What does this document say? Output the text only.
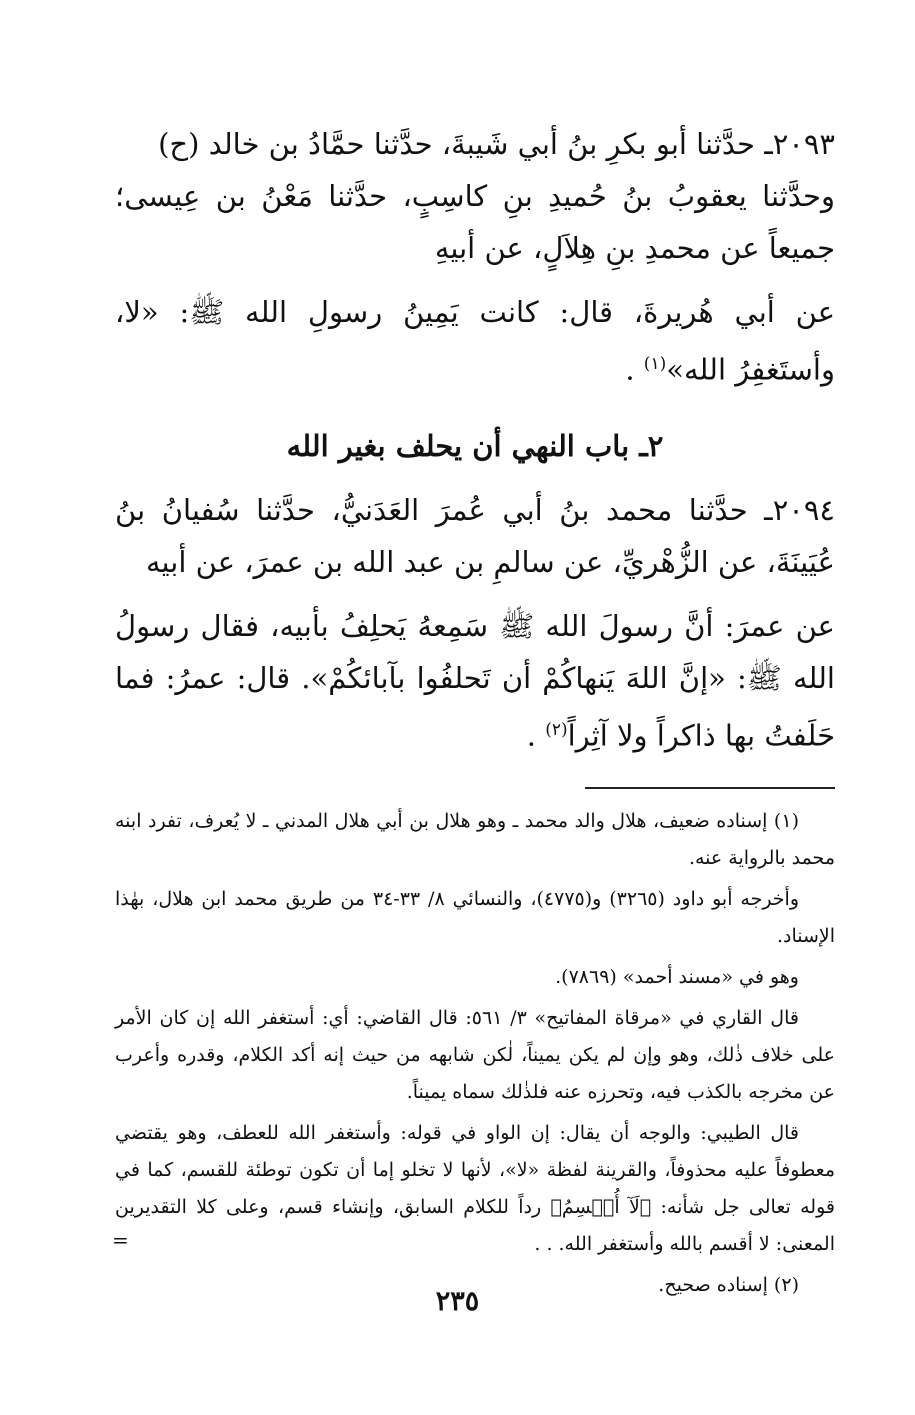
٢٠٩٣ـ حدَّثنا أبو بكرِ بنُ أبي شَيبةَ، حدَّثنا حمَّادُ بن خالد (ح)

وحدَّثنا يعقوبُ بنُ حُميدِ بنِ كاسِبٍ، حدَّثنا مَعْنُ بن عِيسى؛ جميعاً عن محمدِ بنِ هِلاَلٍ، عن أبيهِ

عن أبي هُريرةَ، قال: كانت يَمِينُ رسولِ الله ﷺ: «لا، وأستَغفِرُ الله»$^{(١)}$ .

٢ـ باب النهي أن يحلف بغير الله

٢٠٩٤ـ حدَّثنا محمد بنُ أبي عُمرَ العَدَنيُّ، حدَّثنا سُفيانُ بنُ عُيَينَةَ، عن الزُّهْريِّ، عن سالمِ بن عبد الله بن عمرَ، عن أبيه

عن عمرَ: أنَّ رسولَ الله ﷺ سَمِعهُ يَحلِفُ بأبيه، فقال رسولُ الله ﷺ: «إنَّ اللهَ يَنهاكُمْ أن تَحلفُوا بآبائكُمْ». قال: عمرُ: فما حَلَفتُ بها ذاكراً ولا آثِراً$^{(٢)}$ .

(١) إسناده ضعيف، هلال والد محمد ـ وهو هلال بن أبي هلال المدني ـ لا يُعرف، تفرد ابنه محمد بالرواية عنه.

وأخرجه أبو داود (٣٢٦٥) و(٤٧٧٥)، والنسائي ٨/ ٣٣-٣٤ من طريق محمد ابن هلال، بهٰذا الإسناد.

وهو في «مسند أحمد» (٧٨٦٩).

قال القاري في «مرقاة المفاتيح» ٣/ ٥٦١: قال القاضي: أي: أستغفر الله إن كان الأمر على خلاف ذٰلك، وهو وإن لم يكن يميناً، لٰكن شابهه من حيث إنه أكد الكلام، وقدره وأعرب عن مخرجه بالكذب فيه، وتحرزه عنه فلذٰلك سماه يميناً.

قال الطيبي: والوجه أن يقال: إن الواو في قوله: وأستغفر الله للعطف، وهو يقتضي معطوفاً عليه محذوفاً، والقرينة لفظة «لا»، لأنها لا تخلو إما أن تكون توطئة للقسم، كما في قوله تعالى جل شأنه: ﴿لَآ أُقۡسِمُ﴾ رداً للكلام السابق، وإنشاء قسم، وعلى كلا التقديرين المعنى: لا أقسم بالله وأستغفر الله. . .

(٢) إسناده صحيح.

=
٢٣٥
